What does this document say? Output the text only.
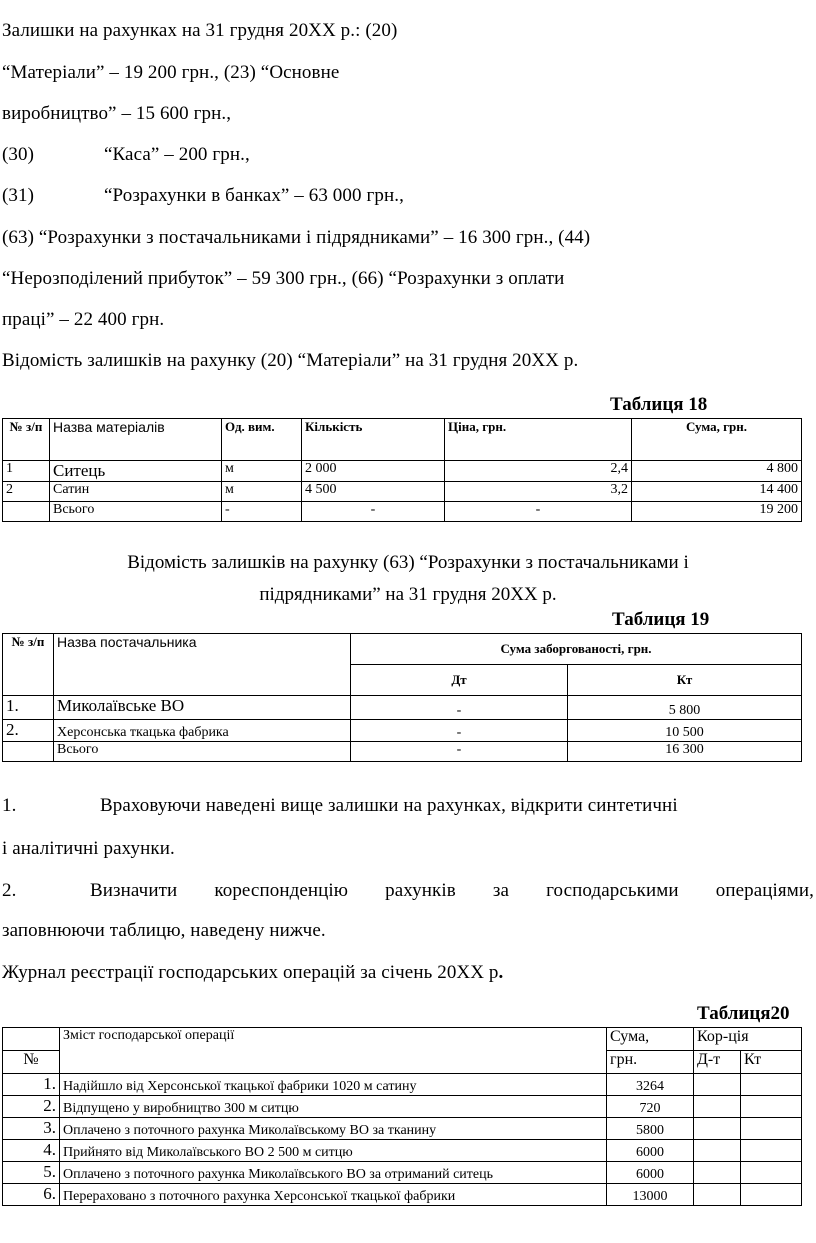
Залишки на рахунках на 31 грудня 20ХХ р.: (20)
“Матеріали” – 19 200 грн., (23) “Основне
виробництво” – 15 600 грн.,
(30)	“Каса” – 200 грн.,
(31)	“Розрахунки в банках” – 63 000 грн.,
(63) “Розрахунки з постачальниками і підрядниками” – 16 300 грн., (44)
“Нерозподілений прибуток” – 59 300 грн., (66) “Розрахунки з оплати
праці” – 22 400 грн.
Відомість залишків на рахунку (20) “Матеріали” на 31 грудня 20ХХ р.
Таблиця 18
№ з/п	Назва матеріалів	Од. вим.	Кількість	Ціна, грн.	Сума, грн.
1	Ситець	м	2 000	2,4	4 800
2	Сатин	м	4 500	3,2	14 400
	Всього	-	-	-	19 200
Відомість залишків на рахунку (63) “Розрахунки з постачальниками і
підрядниками” на 31 грудня 20ХХ р.
Таблиця 19
№ з/п	Назва постачальника	Сума заборгованості, грн.	
		Дт	Кт
1.	Миколаївське ВО	-	5 800
2.	Херсонська ткацька фабрика	-	10 500
	Всього	-	16 300
1.	Враховуючи наведені вище залишки на рахунках, відкрити синтетичні
і аналітичні рахунки.
2.	Визначити кореспонденцію рахунків за господарськими операціями,
заповнюючи таблицю, наведену нижче.
Журнал реєстрації господарських операцій за січень 20ХХ р.
Таблиця20
	Зміст господарської операції	Сума,	Кор-ція	
№		грн.	Д-т	Кт
1.	Надійшло від Херсонської ткацької фабрики 1020 м сатину	3264		
2.	Відпущено у виробництво 300 м ситцю	720		
3.	Оплачено з поточного рахунка Миколаївському ВО за тканину	5800		
4.	Прийнято від Миколаївського ВО 2 500 м ситцю	6000		
5.	Оплачено з поточного рахунка Миколаївського ВО за отриманий ситець	6000		
6.	Перераховано з поточного рахунка Херсонської ткацької фабрики	13000		
